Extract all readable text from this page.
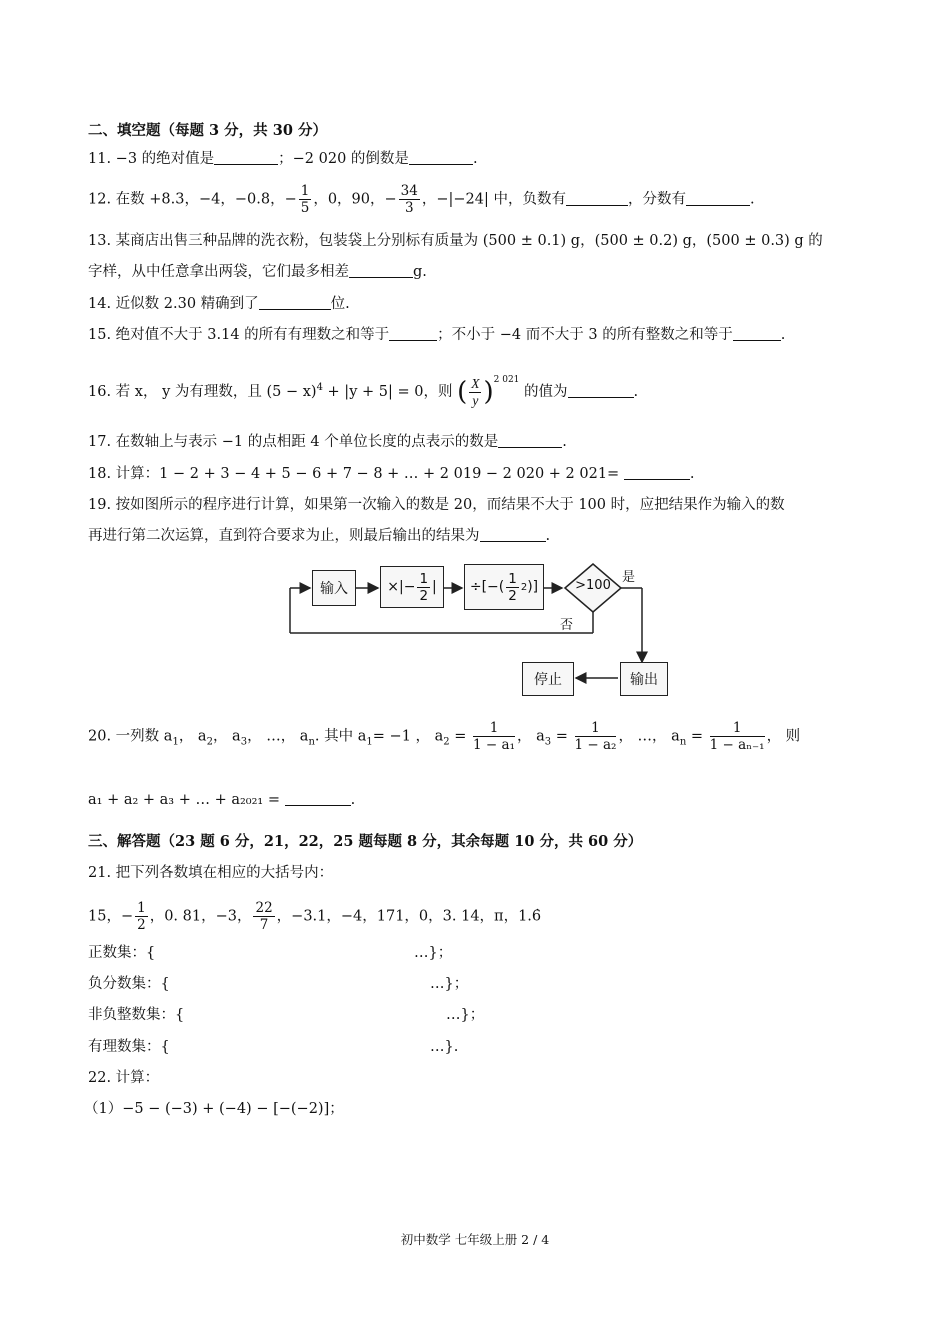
二、填空题（每题 3 分，共 30 分）
11. −3 的绝对值是	；−2 020 的倒数是	.
12. 在数 +8.3，−4，−0.8，− $\frac{1}{5}$ ，0，90，− $\frac{34}{3}$ ，−|−24| 中，负数有	，分数有	.
13. 某商店出售三种品牌的洗衣粉，包装袋上分别标有质量为 (500 ± 0.1) g，(500 ± 0.2) g，(500 ± 0.3) g 的
字样，从中任意拿出两袋，它们最多相差	g.
14. 近似数 2.30 精确到了	位.
15. 绝对值不大于 3.14 的所有有理数之和等于	；不小于 −4 而不大于 3 的所有整数之和等于	.
16. 若 x， y 为有理数，且 $(5 - x)^4 + |y + 5| = 0$，则 ( $\frac{X}{y} )^{2 021}$ 的值为	.
17. 在数轴上与表示 −1 的点相距 4 个单位长度的点表示的数是	.
18. 计算：1 − 2 + 3 − 4 + 5 − 6 + 7 − 8 + … + 2 019 − 2 020 + 2 021=	.
19. 按如图所示的程序进行计算，如果第一次输入的数是 20，而结果不大于 100 时，应把结果作为输入的数
再进行第二次运算，直到符合要求为止，则最后输出的结果为	.
输入	×|− $\frac{1}{2}$ |	÷[−( $\frac{1}{2} 2$ )]	>100
是
否
输出
停止
20. 一列数 $a_1$， $a_2$， $a_3$， …， $a_n$. 其中 $a_1= -1$ ， $a_2 = \frac{1}{\text{1 − a₁}}$ ， $a_3 = \frac{1}{\text{1 − a₂}}$ ， …， $a_n = \frac{1}{\text{1 − aₙ₋₁}}$ ， 则
a₁ + a₂ + a₃ + … + a₂₀₂₁ =	.
三、解答题（23 题 6 分，21，22，25 题每题 8 分，其余每题 10 分，共 60 分）
21. 把下列各数填在相应的大括号内：
15，− $\frac{1}{2}$ ，0. 81，−3， $\frac{22}{7}$ ，−3.1，−4，171，0，3. 14，π，1.6̇
正数集：{	…}；
负分数集：{	…}；
非负整数集：{	…}；
有理数集：{	…}.
22. 计算：
（1）−5 − (−3) + (−4) − [−(−2)]；
初中数学 七年级上册 2 / 4
